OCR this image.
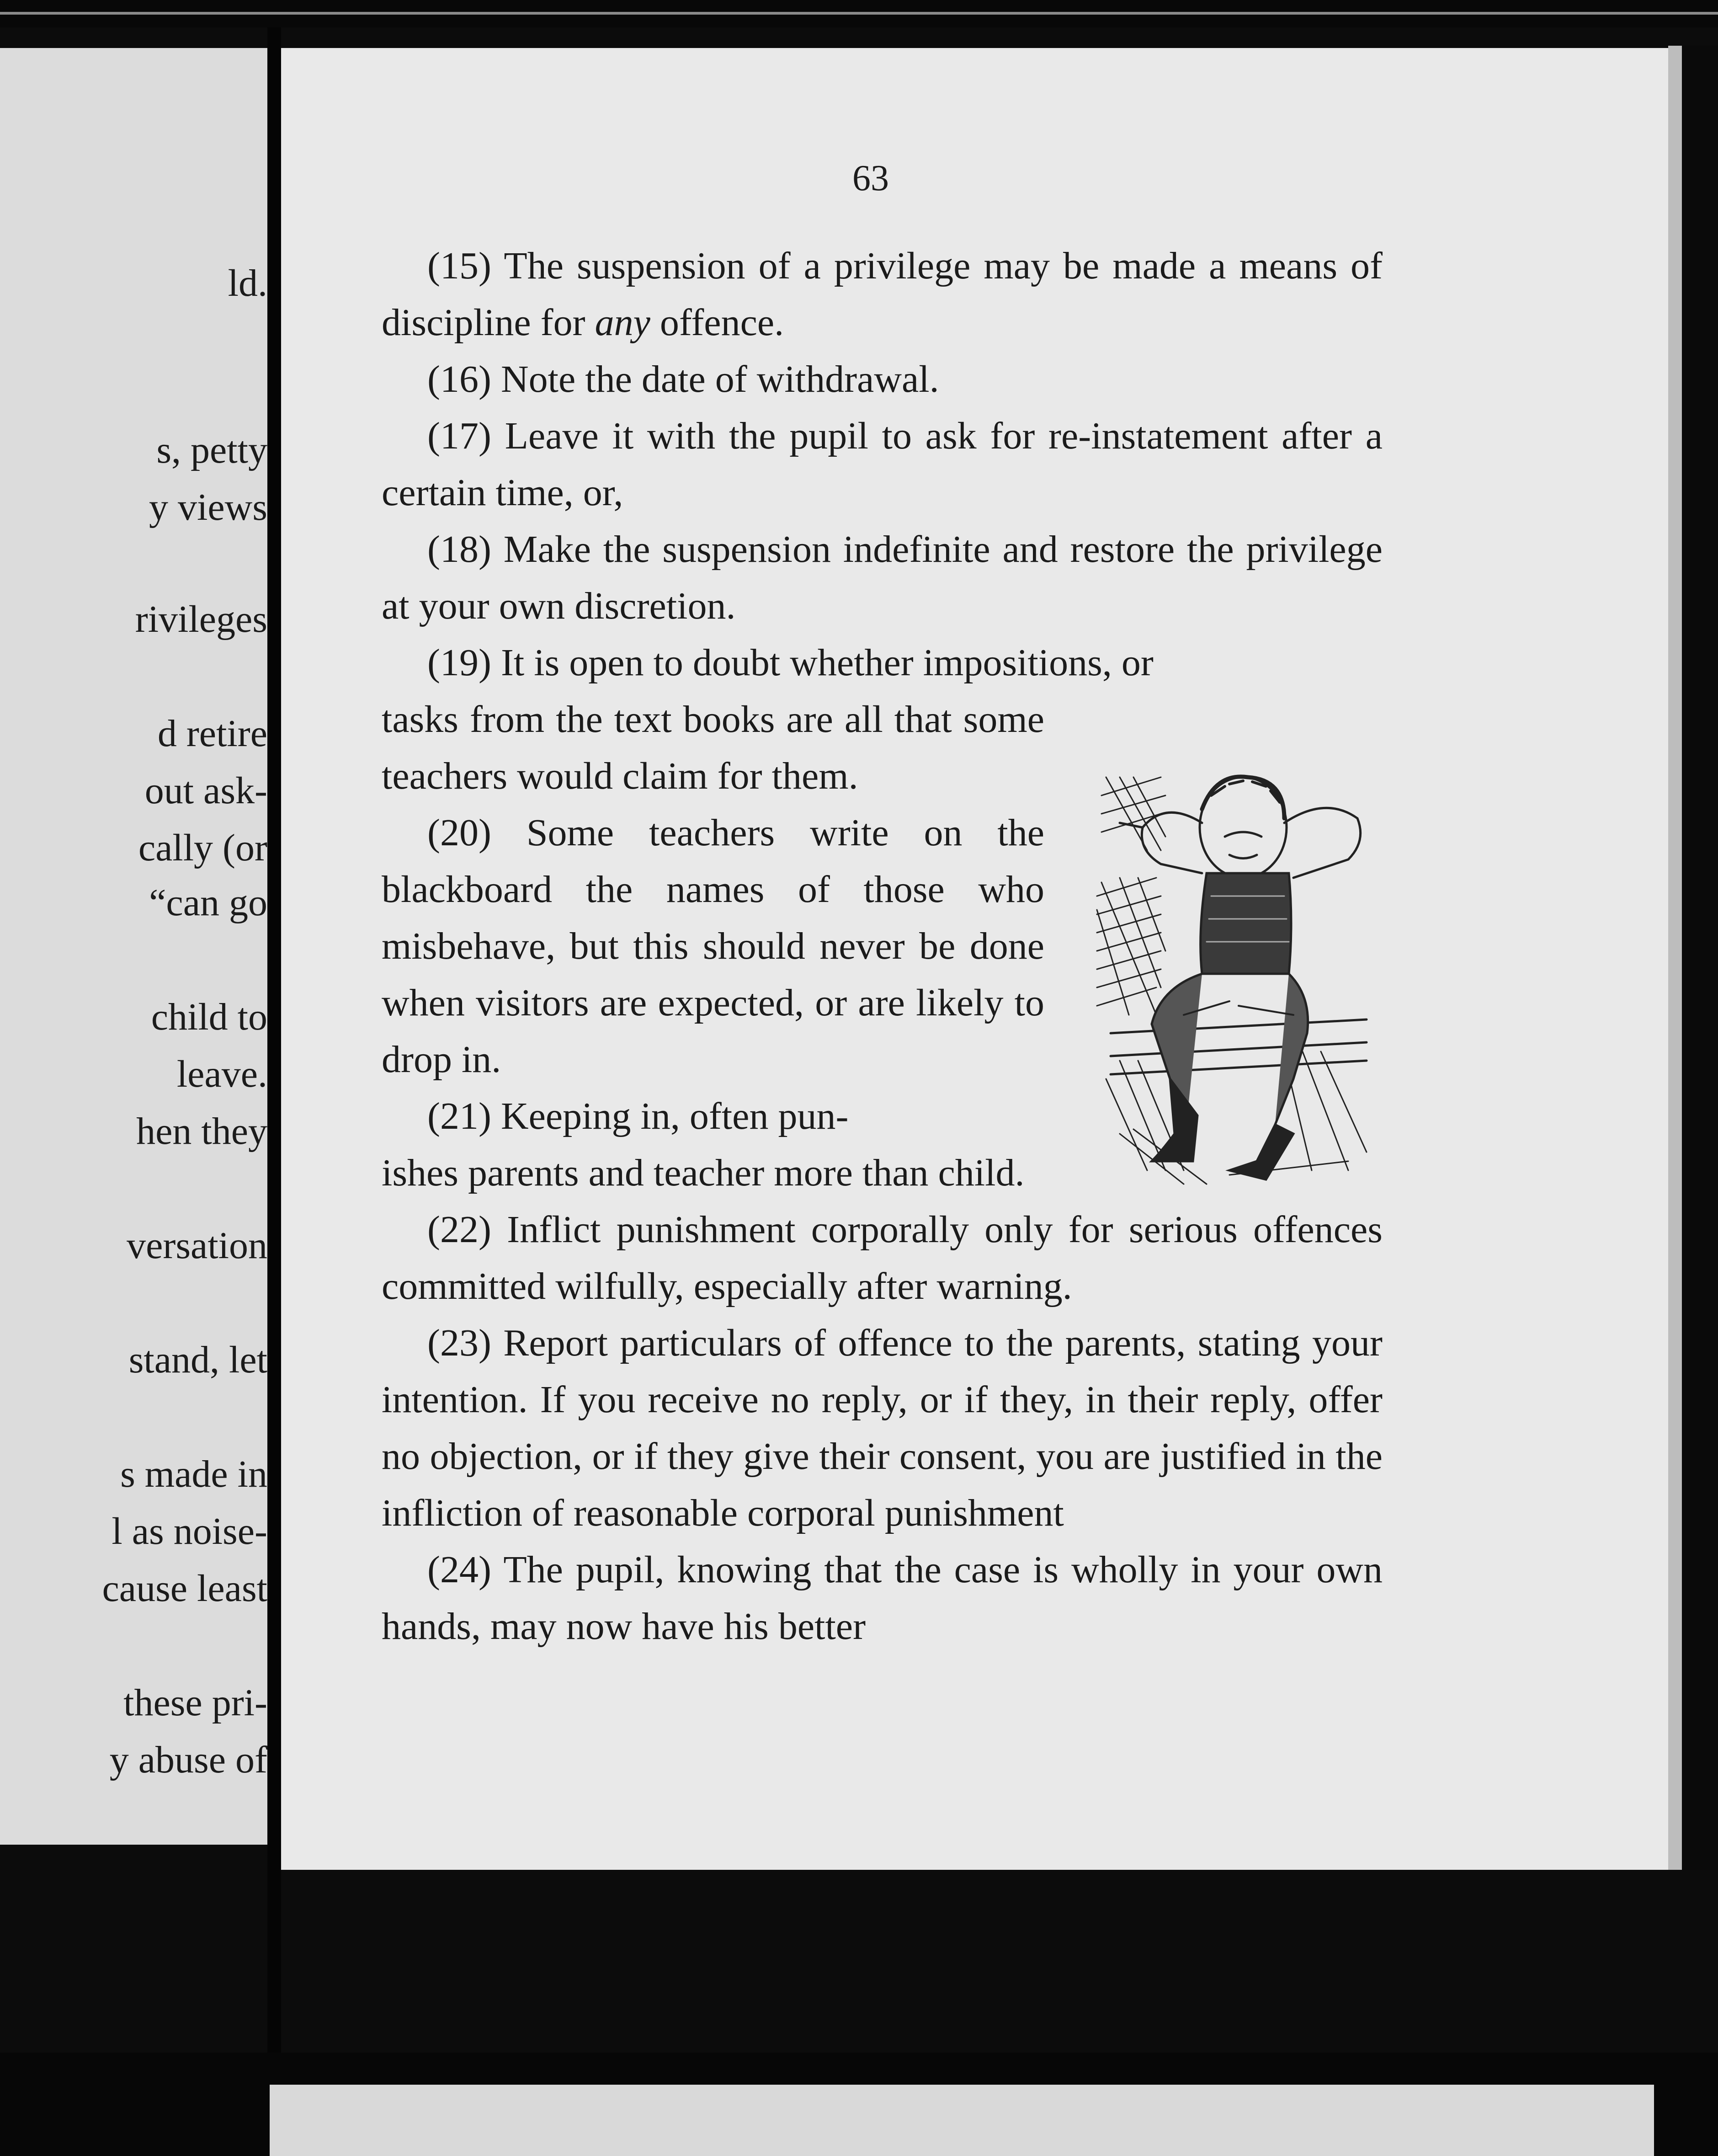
ld.

s, petty

y views

rivileges

d retire

out ask-

cally (or

“can go

child to

leave.

hen they

versation

stand, let

s made in

l as noise-

cause least

these pri-

y abuse of

63

(15) The suspension of a privilege may be made a means of discipline for any offence.

(16) Note the date of withdrawal.

(17) Leave it with the pupil to ask for re-instatement after a certain time, or,

(18) Make the suspension indefinite and restore the privilege at your own discretion.

(19) It is open to doubt whether impositions, or

tasks from the text books are all that some teachers would claim for them.

(20) Some teachers write on the blackboard the names of those who misbehave, but this should never be done when visitors are expected, or are likely to drop in.

(21) Keeping in, often pun-

ishes parents and teacher more than child.

(22) Inflict punishment corporally only for serious offences committed wilfully, especially after warning.

(23) Report particulars of offence to the parents, stating your intention. If you receive no reply, or if they, in their reply, offer no objection, or if they give their consent, you are justified in the infliction of reasonable corporal punishment

(24) The pupil, knowing that the case is wholly in your own hands, may now have his better
